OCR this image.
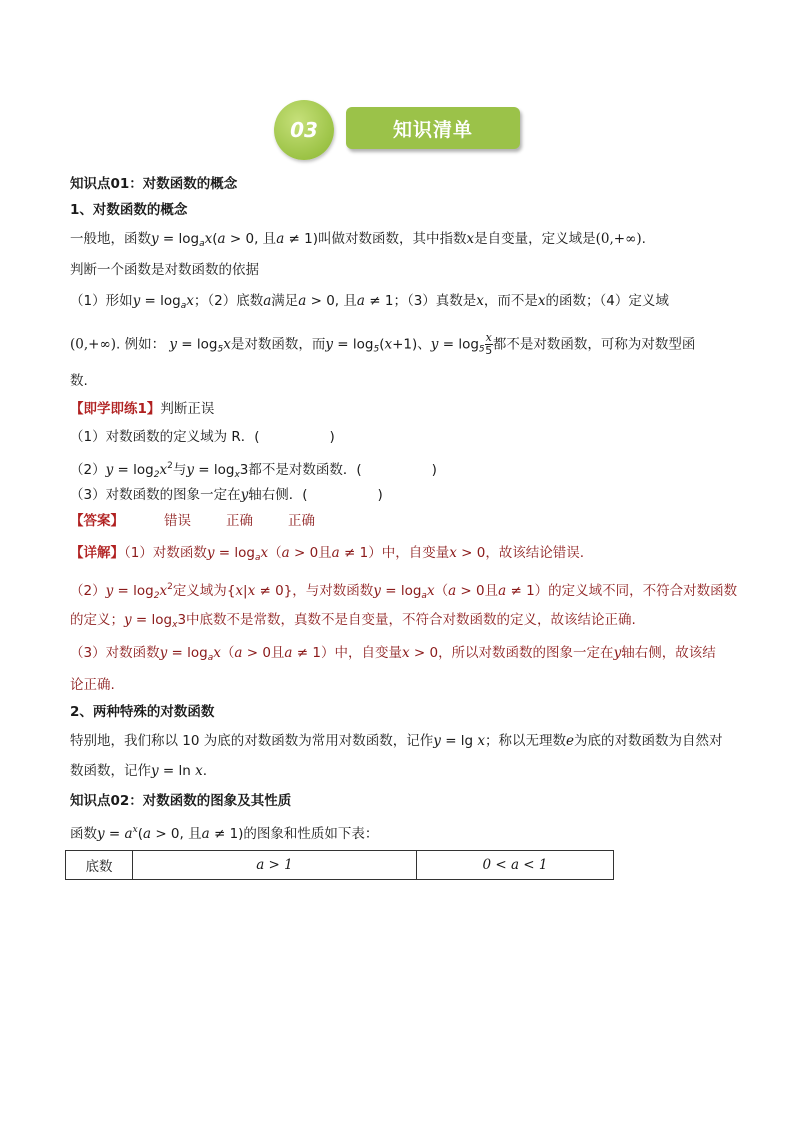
03	知识清单
知识点01：对数函数的概念
1、对数函数的概念
一般地，函数$y = \log_ax(a > 0$, 且a ≠ 1)叫做对数函数，其中指数x是自变量，定义域是(0,+∞).
判断一个函数是对数函数的依据
（1）形如$y = \log_ax$；（2）底数a满足a > 0, 且a ≠ 1；（3）真数是x，而不是x的函数；（4）定义域
(0,+∞). 例如： $y = \log_5x$是对数函数，而$y = \log_5(x+1)$、$y = \log_5 \frac{x}{5}$ 都不是对数函数，可称为对数型函
数.
【即学即练1】判断正误
（1）对数函数的定义域为 R．(	)
$(2)y = \log_2x^2$与$y = \log_x3$都不是对数函数．(	)
（3）对数函数的图象一定在y轴右侧．(	)
【答案】	错误	正确	正确
【详解】（1）对数函数$y = \log_ax(a > 0$且a ≠ 1）中，自变量x > 0，故该结论错误.
$(2)y = \log_2x^2$定义域为{x|x ≠ 0}，与对数函数$y = \log_ax(a > 0$且a ≠ 1）的定义域不同，不符合对数函数
的定义；$y = \log_x3$中底数不是常数，真数不是自变量，不符合对数函数的定义，故该结论正确.
（3）对数函数$y = \log_ax(a > 0$且a ≠ 1）中，自变量x > 0，所以对数函数的图象一定在y轴右侧，故该结
论正确.
2、两种特殊的对数函数
特别地，我们称以 10 为底的对数函数为常用对数函数，记作y = lg x；称以无理数e为底的对数函数为自然对
数函数，记作y = ln x.
知识点02：对数函数的图象及其性质
函数$y = a^x(a > 0$, 且a ≠ 1)的图象和性质如下表：
底数	a > 1	0 < a < 1
